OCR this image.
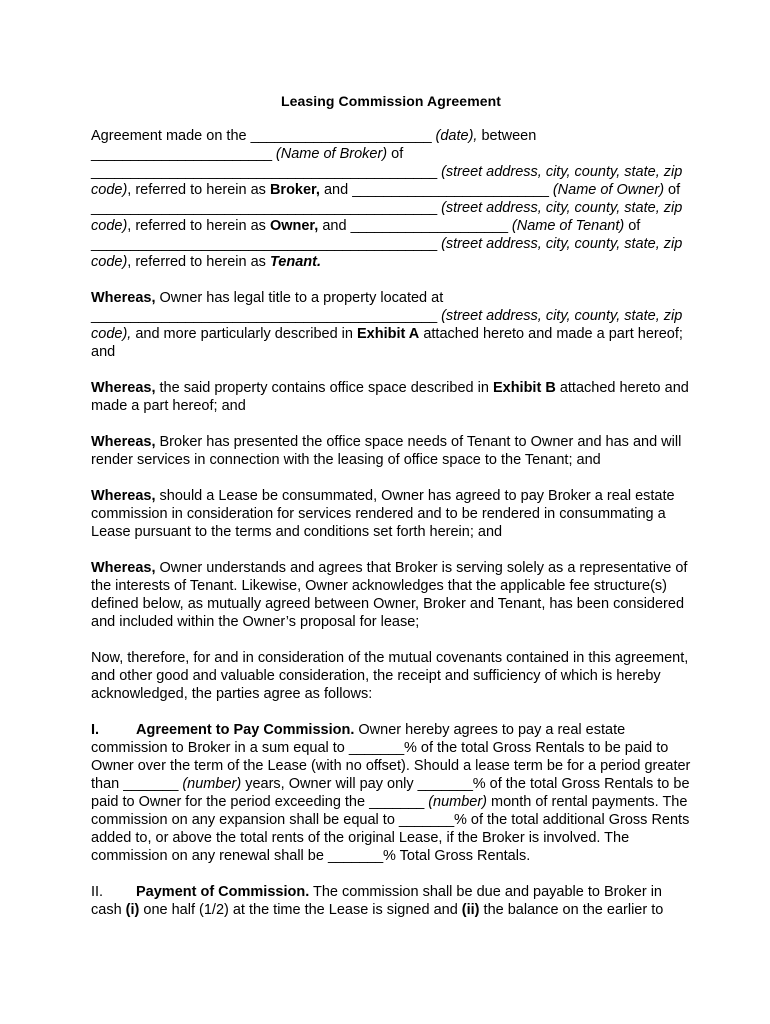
Leasing Commission Agreement

Agreement made on the _______________________ (date), between _______________________ (Name of Broker) of ____________________________________________ (street address, city, county, state, zip code), referred to herein as Broker, and _________________________ (Name of Owner) of ____________________________________________ (street address, city, county, state, zip code), referred to herein as Owner, and ____________________ (Name of Tenant) of ____________________________________________ (street address, city, county, state, zip code), referred to herein as Tenant.

Whereas, Owner has legal title to a property located at ____________________________________________ (street address, city, county, state, zip code), and more particularly described in Exhibit A attached hereto and made a part hereof; and

Whereas, the said property contains office space described in Exhibit B attached hereto and made a part hereof; and

Whereas, Broker has presented the office space needs of Tenant to Owner and has and will render services in connection with the leasing of office space to the Tenant; and

Whereas, should a Lease be consummated, Owner has agreed to pay Broker a real estate commission in consideration for services rendered and to be rendered in consummating a Lease pursuant to the terms and conditions set forth herein; and

Whereas, Owner understands and agrees that Broker is serving solely as a representative of the interests of Tenant. Likewise, Owner acknowledges that the applicable fee structure(s) defined below, as mutually agreed between Owner, Broker and Tenant, has been considered and included within the Owner’s proposal for lease;

Now, therefore, for and in consideration of the mutual covenants contained in this agreement, and other good and valuable consideration, the receipt and sufficiency of which is hereby acknowledged, the parties agree as follows:

I.	Agreement to Pay Commission. Owner hereby agrees to pay a real estate commission to Broker in a sum equal to _______% of the total Gross Rentals to be paid to Owner over the term of the Lease (with no offset). Should a lease term be for a period greater than _______ (number) years, Owner will pay only _______% of the total Gross Rentals to be paid to Owner for the period exceeding the _______ (number) month of rental payments. The commission on any expansion shall be equal to _______% of the total additional Gross Rents added to, or above the total rents of the original Lease, if the Broker is involved. The commission on any renewal shall be _______% Total Gross Rentals.

II. Payment of Commission. The commission shall be due and payable to Broker in cash (i) one half (1/2) at the time the Lease is signed and (ii) the balance on the earlier to
